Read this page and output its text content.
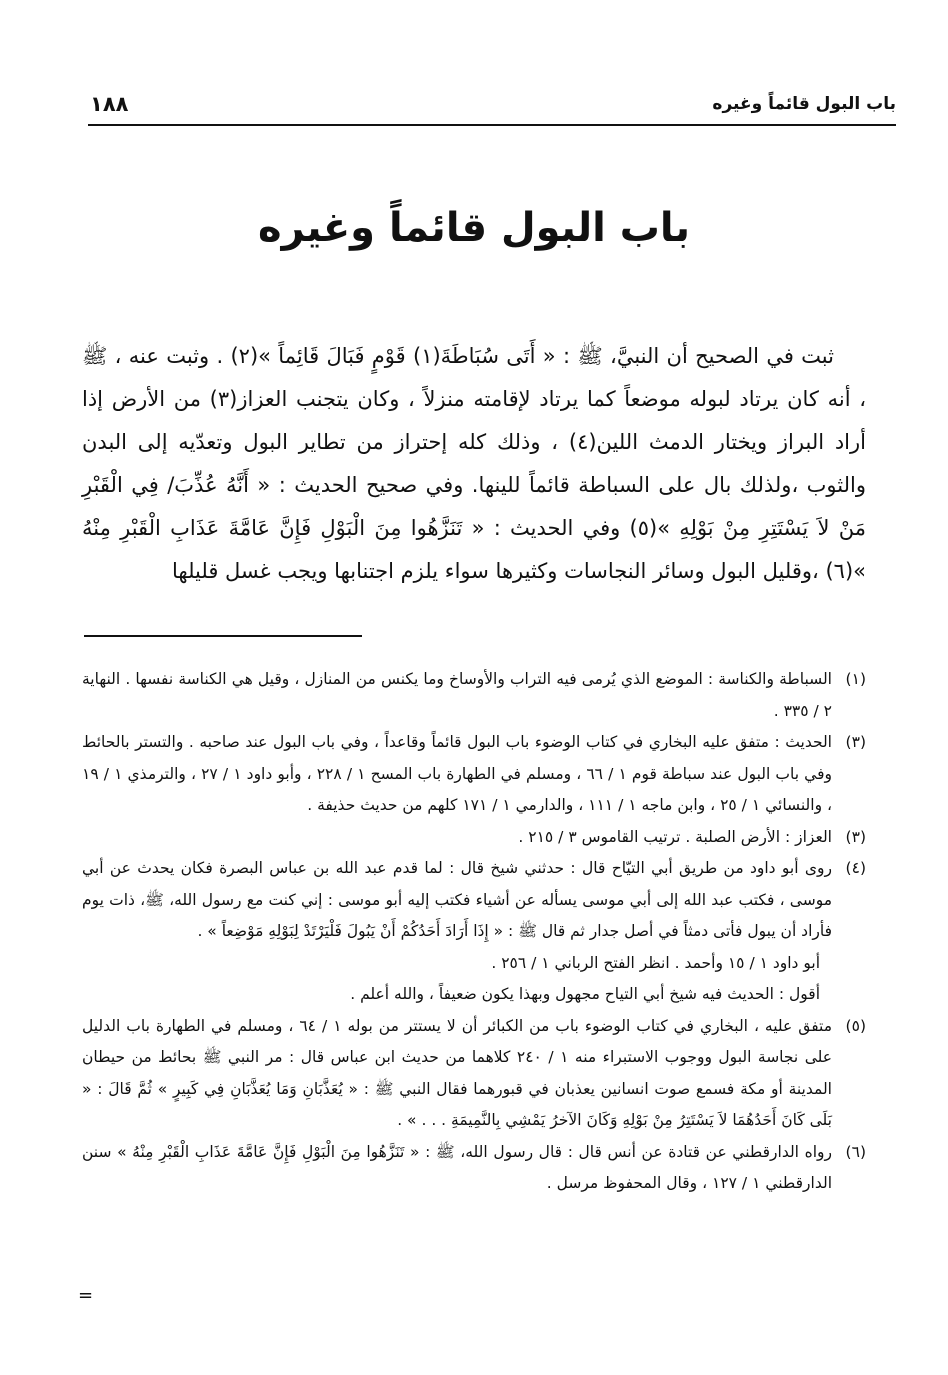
باب البول قائماً وغيره
١٨٨
باب البول قائماً وغيره

ثبت في الصحيح أن النبيَّ، ﷺ : « أَتَى سُبَاطَةَ(١) قَوْمٍ فَبَالَ قَائِماً »(٢) . وثبت عنه ، ﷺ ، أنه كان يرتاد لبوله موضعاً كما يرتاد لإقامته منزلاً ، وكان يتجنب العزاز(٣) من الأرض إذا أراد البراز ويختار الدمث اللين(٤) ، وذلك كله إحتراز من تطاير البول وتعدّيه إلى البدن والثوب ،ولذلك بال على السباطة قائماً للينها. وفي صحيح الحديث : « أَنَّهُ عُذِّبَ/ فِي الْقَبْرِ مَنْ لاَ يَسْتَتِرِ مِنْ بَوْلِهِ »(٥) وفي الحديث : « تَنَزَّهُوا مِنَ الْبَوْلِ فَإِنَّ عَامَّةَ عَذَابِ الْقَبْرِ مِنْهُ »(٦) ،وقليل البول وسائر النجاسات وكثيرها سواء يلزم اجتنابها ويجب غسل قليلها

(١)
السباطة والكناسة : الموضع الذي يُرمى فيه التراب والأوساخ وما يكنس من المنازل ، وقيل هي الكناسة نفسها . النهاية ٢ / ٣٣٥ .

(٣)
الحديث : متفق عليه البخاري في كتاب الوضوء باب البول قائماً وقاعداً ، وفي باب البول عند صاحبه . والتستر بالحائط وفي باب البول عند سباطة قوم ١ / ٦٦ ، ومسلم في الطهارة باب المسح ١ / ٢٢٨ ، وأبو داود ١ / ٢٧ ، والترمذي ١ / ١٩ ، والنسائي ١ / ٢٥ ، وابن ماجه ١ / ١١١ ، والدارمي ١ / ١٧١ كلهم من حديث حذيفة .

(٣)
العزاز : الأرض الصلبة . ترتيب القاموس ٣ / ٢١٥ .

(٤)
روى أبو داود من طريق أبي التيّاح قال : حدثني شيخ قال : لما قدم عبد الله بن عباس البصرة فكان يحدث عن أبي موسى ، فكتب عبد الله إلى أبي موسى يسأله عن أشياء فكتب إليه أبو موسى : إني كنت مع رسول الله، ﷺ، ذات يوم فأراد أن يبول فأتى دمثاً في أصل جدار ثم قال ﷺ : « إِذَا أَرَادَ أَحَدُكُمْ أَنْ يَبُولَ فَلْيَرْتَدْ لِبَوْلِهِ مَوْضِعاً » .

أبو داود ١ / ١٥ وأحمد . انظر الفتح الرباني ١ / ٢٥٦ .

أقول : الحديث فيه شيخ أبي التياح مجهول وبهذا يكون ضعيفاً ، والله أعلم .

(٥)
متفق عليه ، البخاري في كتاب الوضوء باب من الكبائر أن لا يستتر من بوله ١ / ٦٤ ، ومسلم في الطهارة باب الدليل على نجاسة البول ووجوب الاستبراء منه ١ / ٢٤٠ كلاهما من حديث ابن عباس قال : مر النبي ﷺ بحائط من حيطان المدينة أو مكة فسمع صوت انسانين يعذبان في قبورهما فقال النبي ﷺ : « يُعَذَّبَانِ وَمَا يُعَذَّبَانِ فِي كَبِيرٍ » ثُمَّ قَالَ : « بَلَى كَانَ أَحَدُهُمَا لاَ يَسْتَتِرُ مِنْ بَوْلِهِ وَكَانَ الآخرُ يَمْشِي بِالنَّمِيمَةِ . . . » .

(٦)
رواه الدارقطني عن قتادة عن أنس قال : قال رسول الله، ﷺ : « تَنَزَّهُوا مِنَ الْبَوْلِ فَإِنَّ عَامَّةَ عَذَابِ الْقَبْرِ مِنْهُ » سنن الدارقطني ١ / ١٢٧ ، وقال المحفوظ مرسل .

=
